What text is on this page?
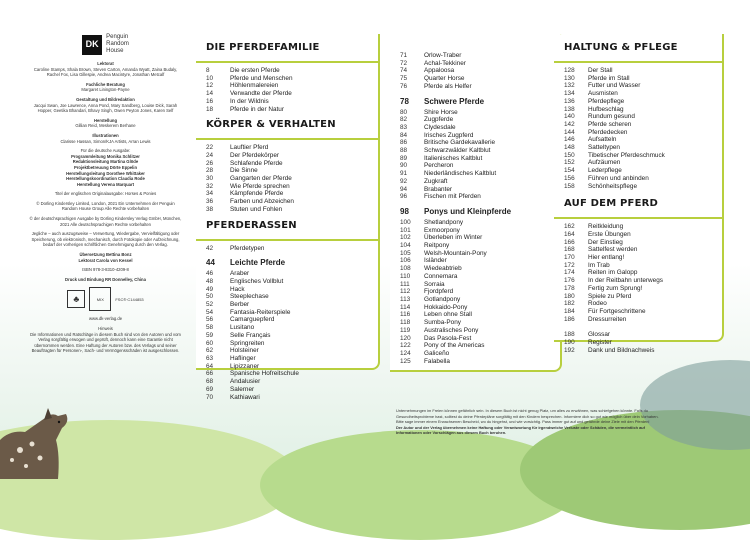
DK
Penguin
Random
House
Lektorat
Caroline Stamps, Shala Brown, Steven Carton, Amanda Wyatt, Zaina Budaly, Rachel Fox, Lisa Gillespie, Andrea Macintyre, Jonathan Metcalf
Fachliche Beratung
Margaret Linington-Payne
Gestaltung und Bildredaktion
Jacqui Swan, Joe Lawrence, Anna Pond, Mary Sandberg, Louise Dick, Sarah Hopper, Geetika Bhandari, Bhavy Singh, Owen Peyton Jones, Karen Self
Herstellung
Gillian Reid, Meskerem Berhane
Illustrationen
Clarisse Hassan, Simon/KJA Artists, Arran Lewis
Für die deutsche Ausgabe:
Programmleitung Monika Schlitzer
Redaktionsleitung Martina Glöde
Projektbetreuung Dörte Eppelin
Herstellungsleitung Dorothee Whittaker
Herstellungskoordination Claudia Rode
Herstellung Verena Marquart
Titel der englischen Originalausgabe: Horses & Ponies
© Dorling Kindersley Limited, London, 2021 Ein Unternehmen der Penguin Random House Group Alle Rechte vorbehalten
© der deutschsprachigen Ausgabe by Dorling Kindersley Verlag GmbH, München, 2021 Alle deutschsprachigen Rechte vorbehalten
Jegliche – auch auszugsweise – Verwertung, Wiedergabe, Vervielfältigung oder Speicherung, ob elektronisch, mechanisch, durch Fotokopie oder Aufzeichnung, bedarf der vorherigen schriftlichen Genehmigung durch den Verlag.
Übersetzung Bettina Bonz
Lektorat Carola von Kessel
ISBN 978-3-8310-4209-8
Druck und Bindung RR Donnelley, China
♣	MIX	FSC® C144853
www.dk-verlag.de
Hinweis
Die Informationen und Ratschläge in diesem Buch sind von den Autoren und vom Verlag sorgfältig erwogen und geprüft, dennoch kann eine Garantie nicht übernommen werden. Eine Haftung der Autoren bzw. des Verlags und seiner Beauftragten für Personen-, Sach- und Vermögensschäden ist ausgeschlossen.
DIE PFERDEFAMILIE
8	Die ersten Pferde
10	Pferde und Menschen
12	Höhlenmalereien
14	Verwandte der Pferde
16	In der Wildnis
18	Pferde in der Natur
KÖRPER & VERHALTEN
22	Lauftier Pferd
24	Der Pferdekörper
26	Schlafende Pferde
28	Die Sinne
30	Gangarten der Pferde
32	Wie Pferde sprechen
34	Kämpfende Pferde
36	Farben und Abzeichen
38	Stuten und Fohlen
PFERDERASSEN
42	Pferdetypen
44	Leichte Pferde
46	Araber
48	Englisches Vollblut
49	Hack
50	Steeplechase
52	Berber
54	Fantasia-Reiterspiele
56	Camarguepferd
58	Lusitano
59	Selle Français
60	Springreiten
62	Holsteiner
63	Haflinger
64	Lipizzaner
66	Spanische Hofreitschule
68	Andalusier
69	Salerner
70	Kathiawari
71	Orlow-Traber
72	Achal-Tekkiner
74	Appaloosa
75	Quarter Horse
76	Pferde als Helfer
78	Schwere Pferde
80	Shire Horse
82	Zugpferde
83	Clydesdale
84	Irisches Zugpferd
86	Britische Gardekavallerie
88	Schwarzwälder Kaltblut
89	Italienisches Kaltblut
90	Percheron
91	Niederländisches Kaltblut
92	Zugkraft
94	Brabanter
96	Fischen mit Pferden
98	Ponys und Kleinpferde
100	Shetlandpony
101	Exmoorpony
102	Überleben im Winter
104	Reitpony
105	Welsh-Mountain-Pony
106	Isländer
108	Wiedeabtrieb
110	Connemara
111	Sorraia
112	Fjordpferd
113	Gotlandpony
114	Hokkaido-Pony
116	Leben ohne Stall
118	Sumba-Pony
119	Australisches Pony
120	Das Pasola-Fest
122	Pony of the Americas
124	Galiceño
125	Falabella
HALTUNG & PFLEGE
128	Der Stall
130	Pferde im Stall
132	Futter und Wasser
134	Ausmisten
136	Pferdepflege
138	Hufbeschlag
140	Rundum gesund
142	Pferde scheren
144	Pferdedecken
146	Aufsatteln
148	Satteltypen
150	Tibetischer Pferdeschmuck
152	Aufzäumen
154	Lederpflege
156	Führen und anbinden
158	Schönheitspflege
AUF DEM PFERD
162	Reitkleidung
164	Erste Übungen
166	Der Einstieg
168	Sattelfest werden
170	Hier entlang!
172	Im Trab
174	Reiten im Galopp
176	In der Reitbahn unterwegs
178	Fertig zum Sprung!
180	Spiele zu Pferd
182	Rodeo
184	Für Fortgeschrittene
186	Dressurreiten
188	Glossar
190	Register
192	Dank und Bildnachweis
Unternehmungen im Freien können gefährlich sein. In diesem Buch ist nicht genug Platz, um alles zu erwähnen, was schiefgehen könnte. Falls du Gesundheitsprobleme hast, solltest du deine Pferdepläne sorgfältig mit den Kindern besprechen. Informiere dich so gut wie möglich über dein Vorhaben. Bitte sage immer einem Erwachsenen Bescheid, wo du hingehst, und wie vorsichtig. Pass immer gut auf und gefährde deine Ziele mit den Pferden!
Der Autor und der Verlag übernehmen keine Haftung oder Verantwortung für irgendwelche Verluste oder Schäden, die vermeintlich auf Informationen oder Vorschlägen aus diesem Buch beruhen.
